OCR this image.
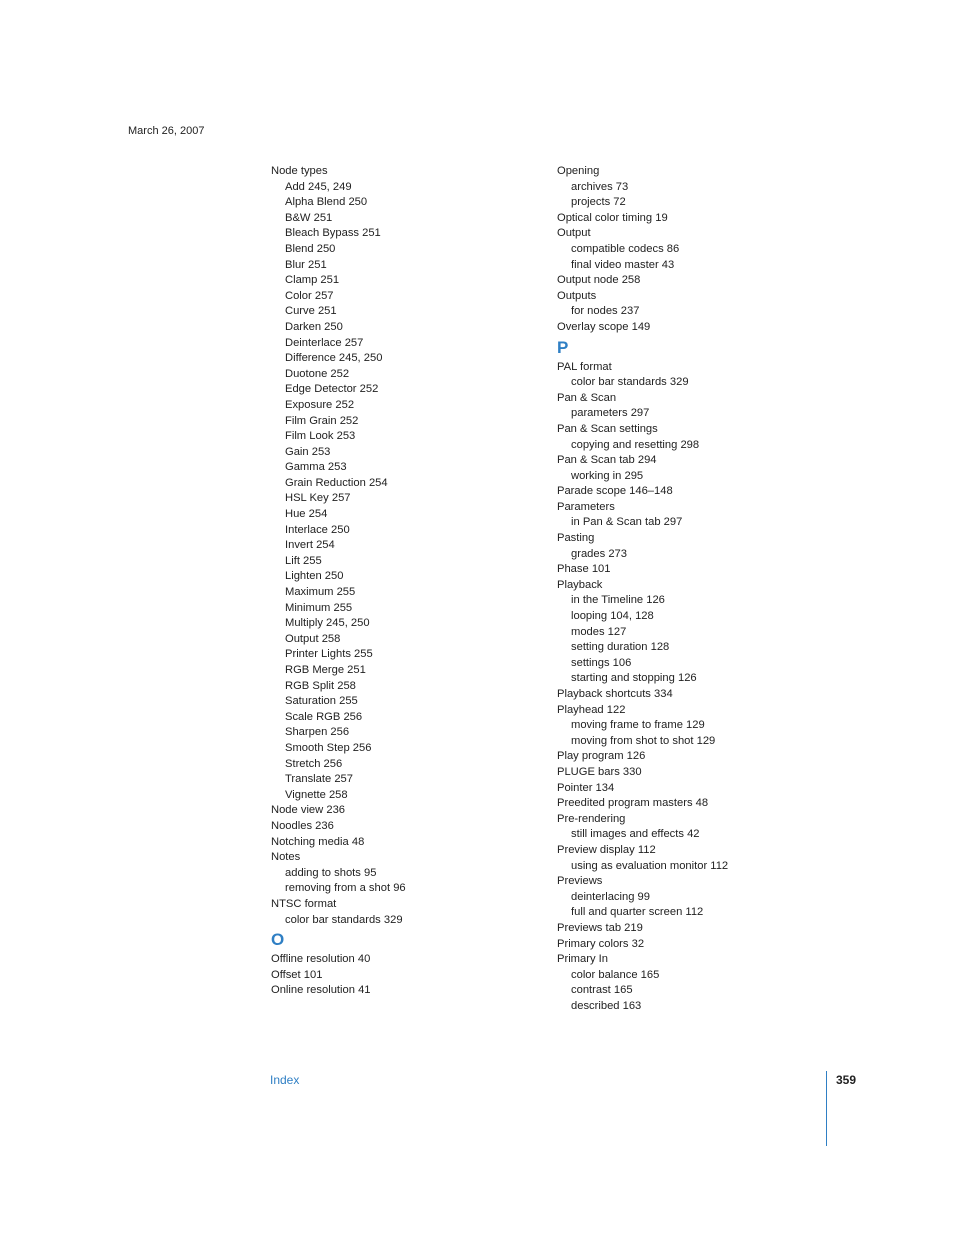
March 26, 2007
Node types
Add 245, 249
Alpha Blend 250
B&W 251
Bleach Bypass 251
Blend 250
Blur 251
Clamp 251
Color 257
Curve 251
Darken 250
Deinterlace 257
Difference 245, 250
Duotone 252
Edge Detector 252
Exposure 252
Film Grain 252
Film Look 253
Gain 253
Gamma 253
Grain Reduction 254
HSL Key 257
Hue 254
Interlace 250
Invert 254
Lift 255
Lighten 250
Maximum 255
Minimum 255
Multiply 245, 250
Output 258
Printer Lights 255
RGB Merge 251
RGB Split 258
Saturation 255
Scale RGB 256
Sharpen 256
Smooth Step 256
Stretch 256
Translate 257
Vignette 258
Node view 236
Noodles 236
Notching media 48
Notes
adding to shots 95
removing from a shot 96
NTSC format
color bar standards 329
O
Offline resolution 40
Offset 101
Online resolution 41
Opening
archives 73
projects 72
Optical color timing 19
Output
compatible codecs 86
final video master 43
Output node 258
Outputs
for nodes 237
Overlay scope 149
P
PAL format
color bar standards 329
Pan & Scan
parameters 297
Pan & Scan settings
copying and resetting 298
Pan & Scan tab 294
working in 295
Parade scope 146–148
Parameters
in Pan & Scan tab 297
Pasting
grades 273
Phase 101
Playback
in the Timeline 126
looping 104, 128
modes 127
setting duration 128
settings 106
starting and stopping 126
Playback shortcuts 334
Playhead 122
moving frame to frame 129
moving from shot to shot 129
Play program 126
PLUGE bars 330
Pointer 134
Preedited program masters 48
Pre-rendering
still images and effects 42
Preview display 112
using as evaluation monitor 112
Previews
deinterlacing 99
full and quarter screen 112
Previews tab 219
Primary colors 32
Primary In
color balance 165
contrast 165
described 163
Index	359
